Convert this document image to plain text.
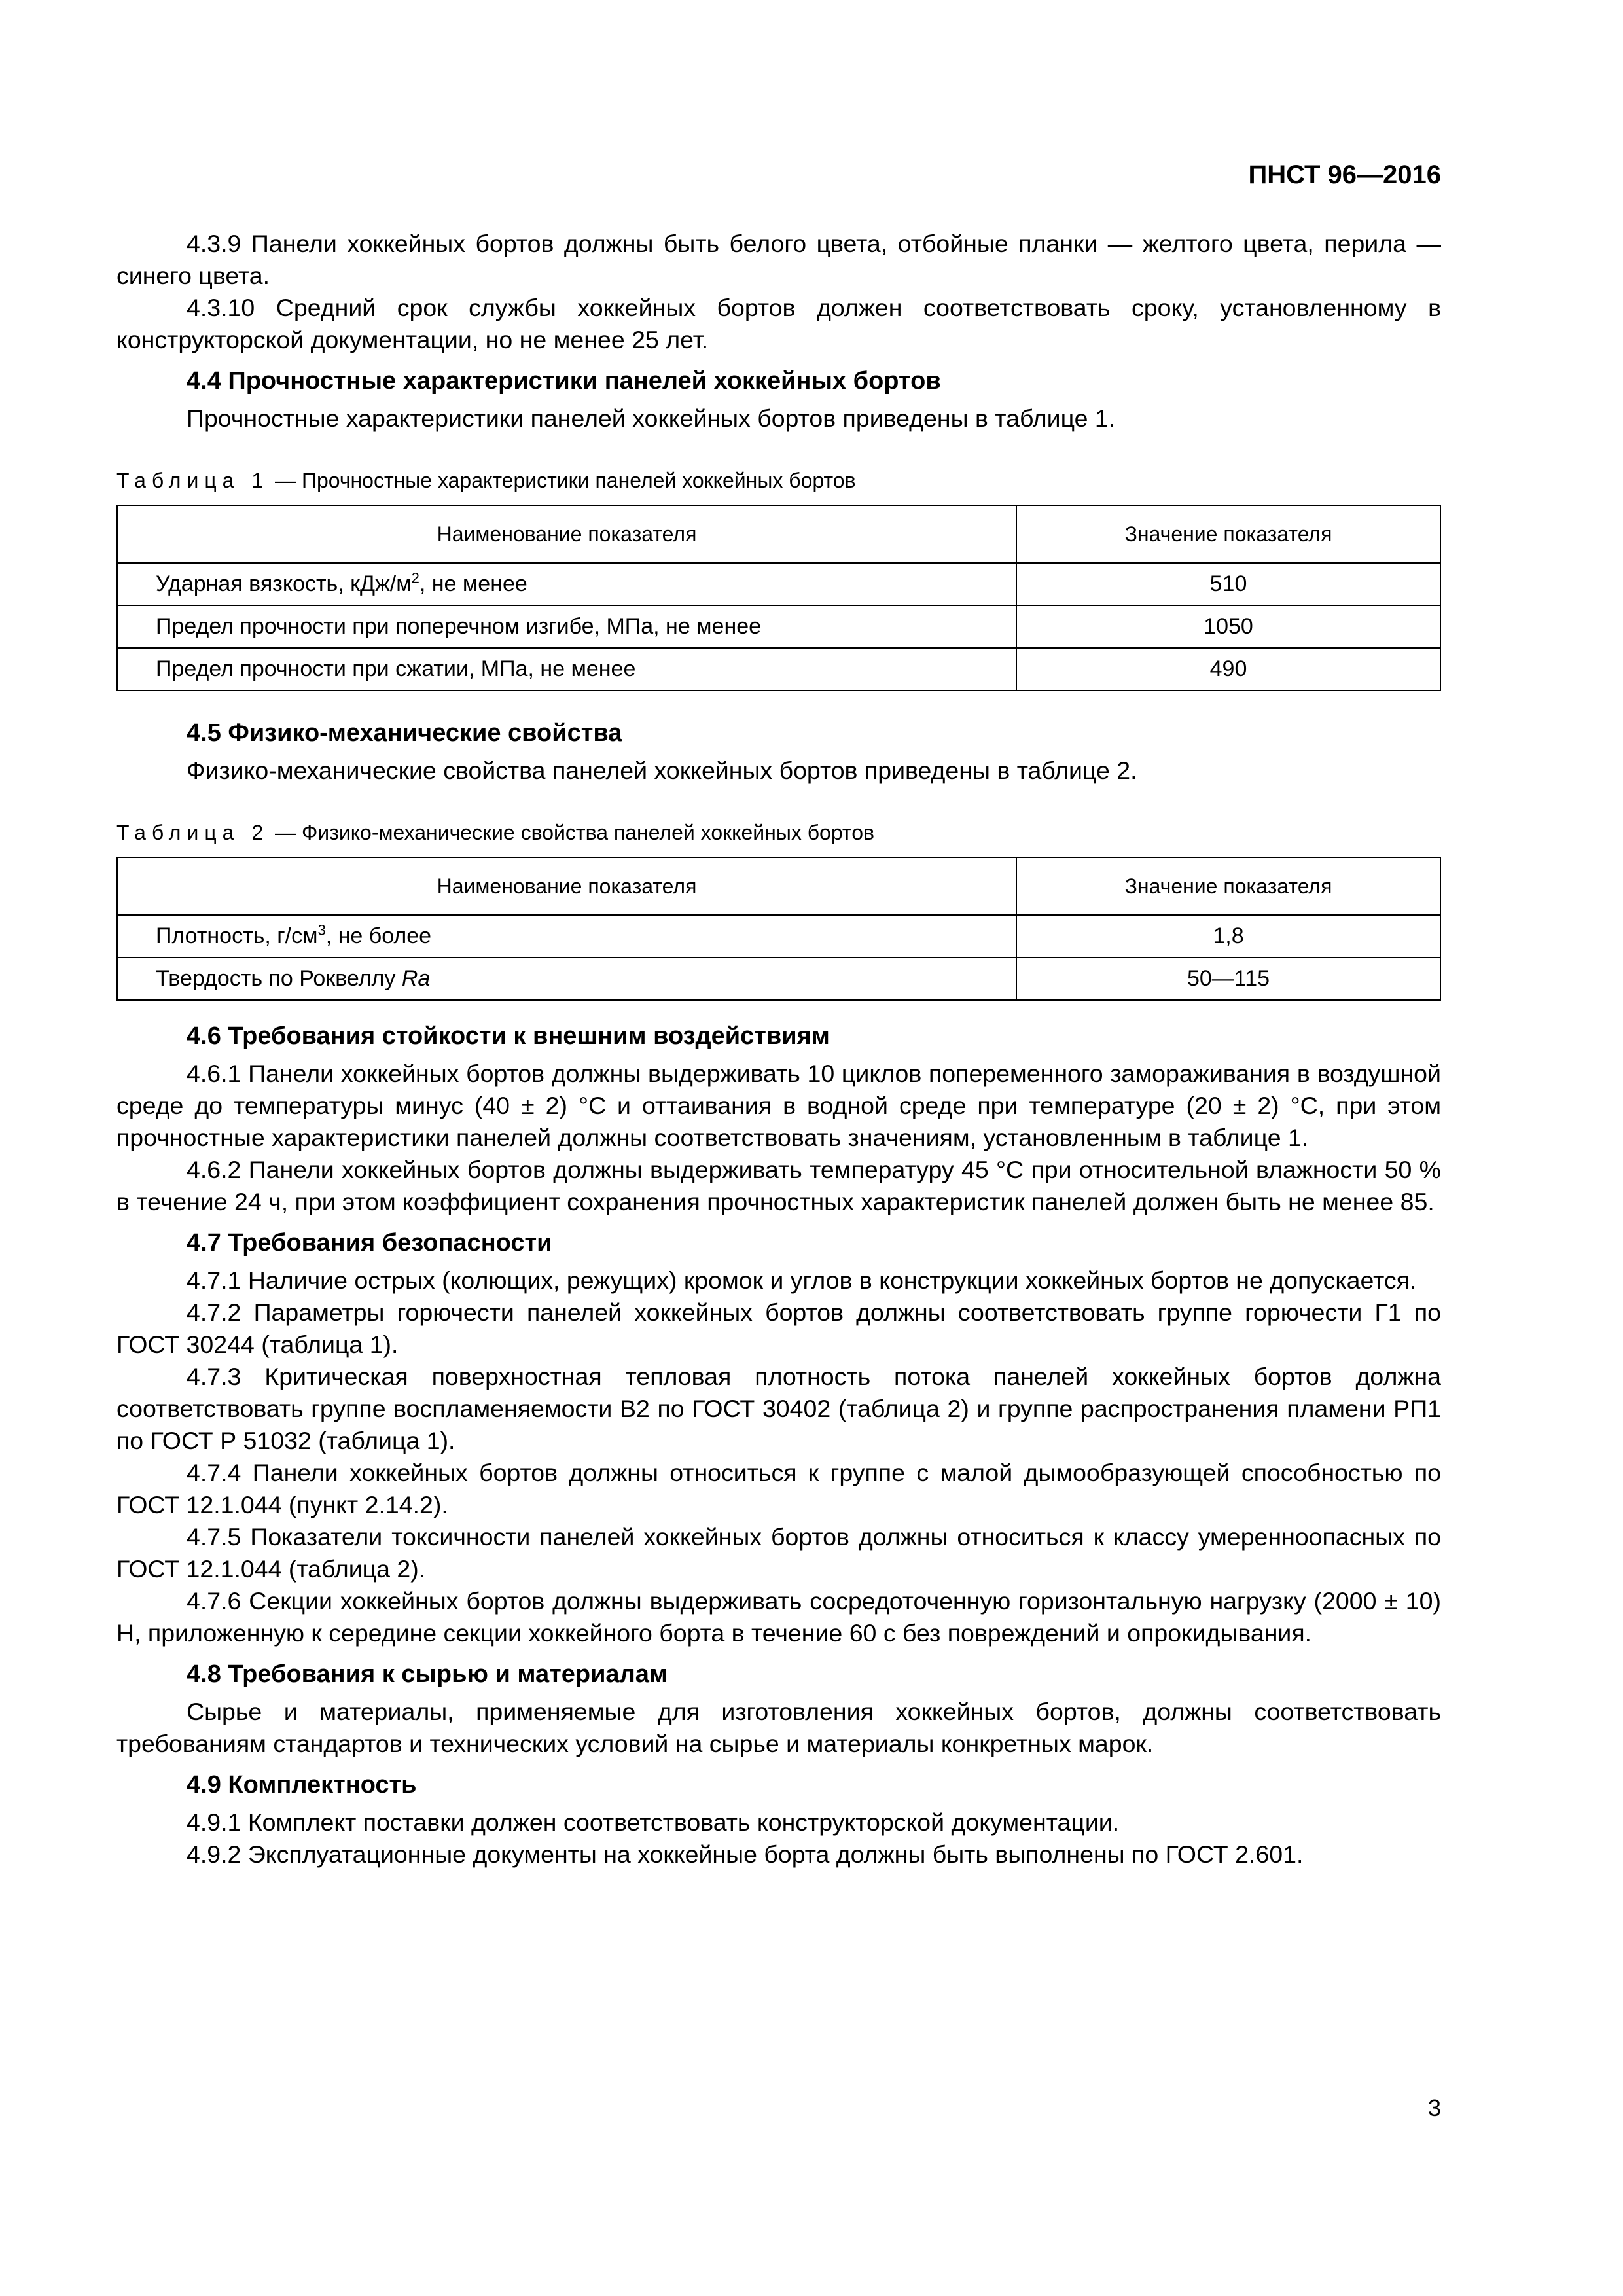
ПНСТ 96—2016

4.3.9 Панели хоккейных бортов должны быть белого цвета, отбойные планки — желтого цвета, перила — синего цвета.

4.3.10 Средний срок службы хоккейных бортов должен соответствовать сроку, установленному в конструкторской документации, но не менее 25 лет.

4.4 Прочностные характеристики панелей хоккейных бортов

Прочностные характеристики панелей хоккейных бортов приведены в таблице 1.

Таблица 1 — Прочностные характеристики панелей хоккейных бортов
Наименование показателя	Значение показателя
Ударная вязкость, кДж/$м^2$, не менее	510
Предел прочности при поперечном изгибе, МПа, не менее	1050
Предел прочности при сжатии, МПа, не менее	490
4.5 Физико-механические свойства

Физико-механические свойства панелей хоккейных бортов приведены в таблице 2.

Таблица 2 — Физико-механические свойства панелей хоккейных бортов
Наименование показателя	Значение показателя
Плотность, $г/см^3$, не более	1,8
Твердость по Роквеллу Ra	50—115
4.6 Требования стойкости к внешним воздействиям

4.6.1 Панели хоккейных бортов должны выдерживать 10 циклов попеременного замораживания в воздушной среде до температуры минус (40 ± 2) °С и оттаивания в водной среде при температуре (20 ± 2) °С, при этом прочностные характеристики панелей должны соответствовать значениям, установленным в таблице 1.

4.6.2 Панели хоккейных бортов должны выдерживать температуру 45 °С при относительной влажности 50 % в течение 24 ч, при этом коэффициент сохранения прочностных характеристик панелей должен быть не менее 85.

4.7 Требования безопасности

4.7.1 Наличие острых (колющих, режущих) кромок и углов в конструкции хоккейных бортов не допускается.

4.7.2 Параметры горючести панелей хоккейных бортов должны соответствовать группе горючести Г1 по ГОСТ 30244 (таблица 1).

4.7.3 Критическая поверхностная тепловая плотность потока панелей хоккейных бортов должна соответствовать группе воспламеняемости В2 по ГОСТ 30402 (таблица 2) и группе распространения пламени РП1 по ГОСТ Р 51032 (таблица 1).

4.7.4 Панели хоккейных бортов должны относиться к группе с малой дымообразующей способностью по ГОСТ 12.1.044 (пункт 2.14.2).

4.7.5 Показатели токсичности панелей хоккейных бортов должны относиться к классу умеренноопасных по ГОСТ 12.1.044 (таблица 2).

4.7.6 Секции хоккейных бортов должны выдерживать сосредоточенную горизонтальную нагрузку (2000 ± 10) Н, приложенную к середине секции хоккейного борта в течение 60 с без повреждений и опрокидывания.

4.8 Требования к сырью и материалам

Сырье и материалы, применяемые для изготовления хоккейных бортов, должны соответствовать требованиям стандартов и технических условий на сырье и материалы конкретных марок.

4.9 Комплектность

4.9.1 Комплект поставки должен соответствовать конструкторской документации.

4.9.2 Эксплуатационные документы на хоккейные борта должны быть выполнены по ГОСТ 2.601.

3
